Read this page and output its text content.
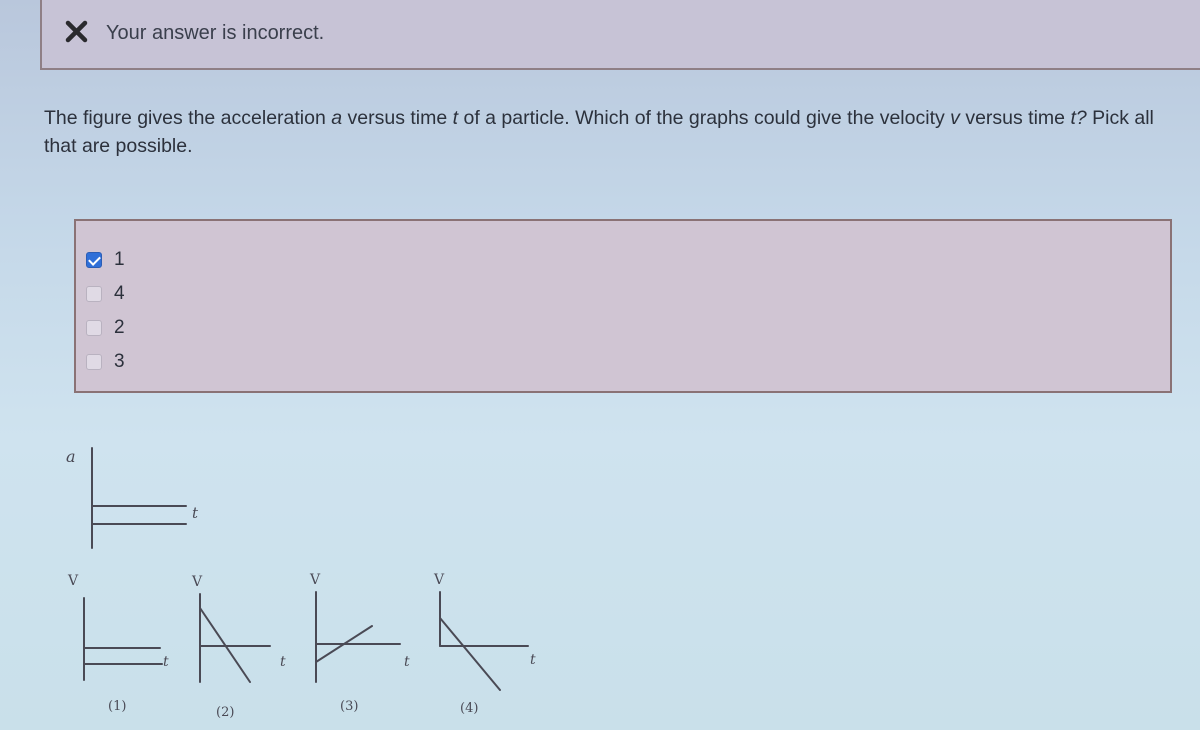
Your answer is incorrect.
The figure gives the acceleration a versus time t of a particle. Which of the graphs could give the velocity v versus time t? Pick all that are possible.
1
4
2
3
a
t
V
t
(1)
V
t
(2)
V
t
(3)
V
t
(4)
